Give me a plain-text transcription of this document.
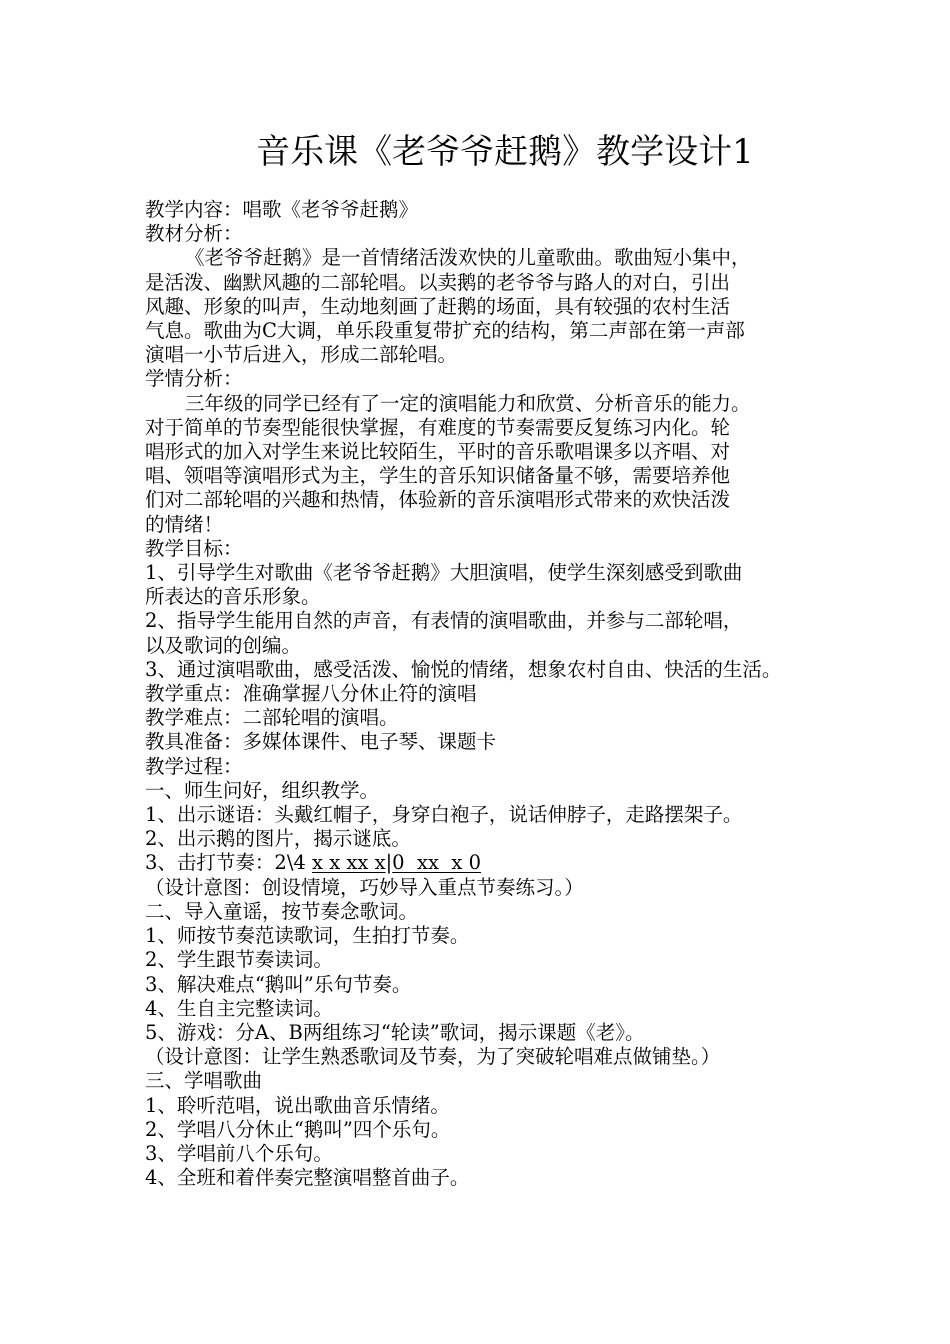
音乐课《老爷爷赶鹅》教学设计1

教学内容：唱歌《老爷爷赶鹅》

教材分析：

《老爷爷赶鹅》是一首情绪活泼欢快的儿童歌曲。歌曲短小集中，

是活泼、幽默风趣的二部轮唱。以卖鹅的老爷爷与路人的对白，引出

风趣、形象的叫声，生动地刻画了赶鹅的场面，具有较强的农村生活

气息。歌曲为C大调，单乐段重复带扩充的结构，第二声部在第一声部

演唱一小节后进入，形成二部轮唱。

学情分析：

三年级的同学已经有了一定的演唱能力和欣赏、分析音乐的能力。

对于简单的节奏型能很快掌握，有难度的节奏需要反复练习内化。轮

唱形式的加入对学生来说比较陌生，平时的音乐歌唱课多以齐唱、对

唱、领唱等演唱形式为主，学生的音乐知识储备量不够，需要培养他

们对二部轮唱的兴趣和热情，体验新的音乐演唱形式带来的欢快活泼

的情绪！

教学目标：

1、引导学生对歌曲《老爷爷赶鹅》大胆演唱，使学生深刻感受到歌曲

所表达的音乐形象。

2、指导学生能用自然的声音，有表情的演唱歌曲，并参与二部轮唱，

以及歌词的创编。

3、通过演唱歌曲，感受活泼、愉悦的情绪，想象农村自由、快活的生活。

教学重点：准确掌握八分休止符的演唱

教学难点：二部轮唱的演唱。

教具准备：多媒体课件、电子琴、课题卡

教学过程：

一、师生问好，组织教学。

1、出示谜语：头戴红帽子，身穿白袍子，说话伸脖子，走路摆架子。

2、出示鹅的图片，揭示谜底。

3、击打节奏：2\4 x x xx x|0  xx  x 0

（设计意图：创设情境，巧妙导入重点节奏练习。）

二、导入童谣，按节奏念歌词。

1、师按节奏范读歌词，生拍打节奏。

2、学生跟节奏读词。

3、解决难点“鹅叫”乐句节奏。

4、生自主完整读词。

5、游戏：分A、B两组练习“轮读”歌词，揭示课题《老》。

（设计意图：让学生熟悉歌词及节奏，为了突破轮唱难点做铺垫。）

三、学唱歌曲

1、聆听范唱，说出歌曲音乐情绪。

2、学唱八分休止“鹅叫”四个乐句。

3、学唱前八个乐句。

4、全班和着伴奏完整演唱整首曲子。
